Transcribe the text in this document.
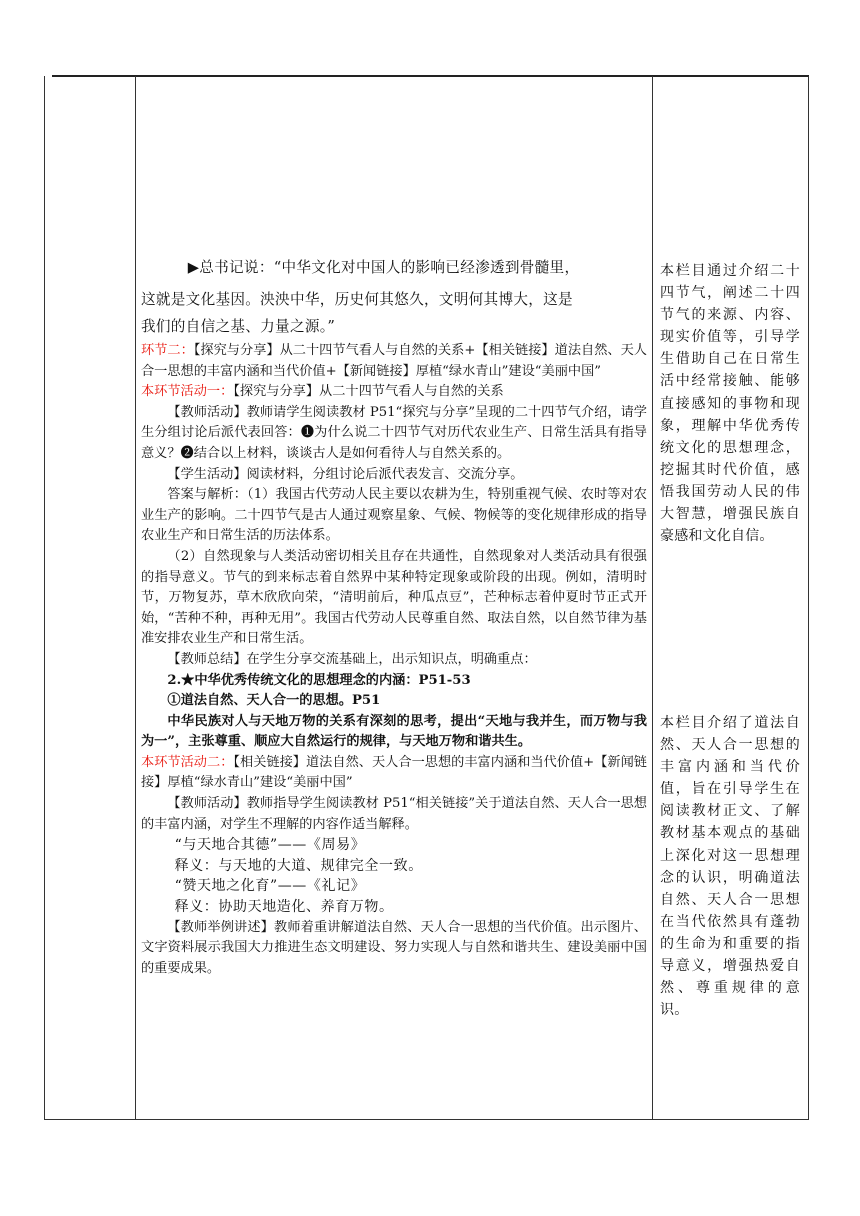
▶总书记说：“中华文化对中国人的影响已经渗透到骨髓里，

这就是文化基因。泱泱中华，历史何其悠久，文明何其博大，这是

我们的自信之基、力量之源。”

环节二：【探究与分享】从二十四节气看人与自然的关系+【相关链接】道法自然、天人合一思想的丰富内涵和当代价值+【新闻链接】厚植“绿水青山”建设“美丽中国”

本环节活动一：【探究与分享】从二十四节气看人与自然的关系

【教师活动】教师请学生阅读教材 P51“探究与分享”呈现的二十四节气介绍，请学生分组讨论后派代表回答：❶为什么说二十四节气对历代农业生产、日常生活具有指导意义？❷结合以上材料，谈谈古人是如何看待人与自然关系的。

【学生活动】阅读材料，分组讨论后派代表发言、交流分享。

答案与解析：（1）我国古代劳动人民主要以农耕为生，特别重视气候、农时等对农业生产的影响。二十四节气是古人通过观察星象、气候、物候等的变化规律形成的指导农业生产和日常生活的历法体系。

（2）自然现象与人类活动密切相关且存在共通性，自然现象对人类活动具有很强的指导意义。节气的到来标志着自然界中某种特定现象或阶段的出现。例如，清明时节，万物复苏，草木欣欣向荣，“清明前后，种瓜点豆”，芒种标志着仲夏时节正式开始，“苦种不种，再种无用”。我国古代劳动人民尊重自然、取法自然，以自然节律为基准安排农业生产和日常生活。

【教师总结】在学生分享交流基础上，出示知识点，明确重点：

2.★中华优秀传统文化的思想理念的内涵：P51-53

①道法自然、天人合一的思想。P51

中华民族对人与天地万物的关系有深刻的思考，提出“天地与我并生，而万物与我为一”，主张尊重、顺应大自然运行的规律，与天地万物和谐共生。

本环节活动二：【相关链接】道法自然、天人合一思想的丰富内涵和当代价值+【新闻链接】厚植“绿水青山”建设“美丽中国”

【教师活动】教师指导学生阅读教材 P51“相关链接”关于道法自然、天人合一思想的丰富内涵，对学生不理解的内容作适当解释。

“与天地合其德”——《周易》

释义：与天地的大道、规律完全一致。

“赞天地之化育”——《礼记》

释义：协助天地造化、养育万物。

【教师举例讲述】教师着重讲解道法自然、天人合一思想的当代价值。出示图片、文字资料展示我国大力推进生态文明建设、努力实现人与自然和谐共生、建设美丽中国的重要成果。

本栏目通过介绍二十四节气，阐述二十四节气的来源、内容、现实价值等，引导学生借助自己在日常生活中经常接触、能够直接感知的事物和现象，理解中华优秀传统文化的思想理念，挖掘其时代价值，感悟我国劳动人民的伟大智慧，增强民族自豪感和文化自信。
本栏目介绍了道法自然、天人合一思想的丰富内涵和当代价值，旨在引导学生在阅读教材正文、了解教材基本观点的基础上深化对这一思想理念的认识，明确道法自然、天人合一思想在当代依然具有蓬勃的生命为和重要的指导意义，增强热爱自然、尊重规律的意识。
